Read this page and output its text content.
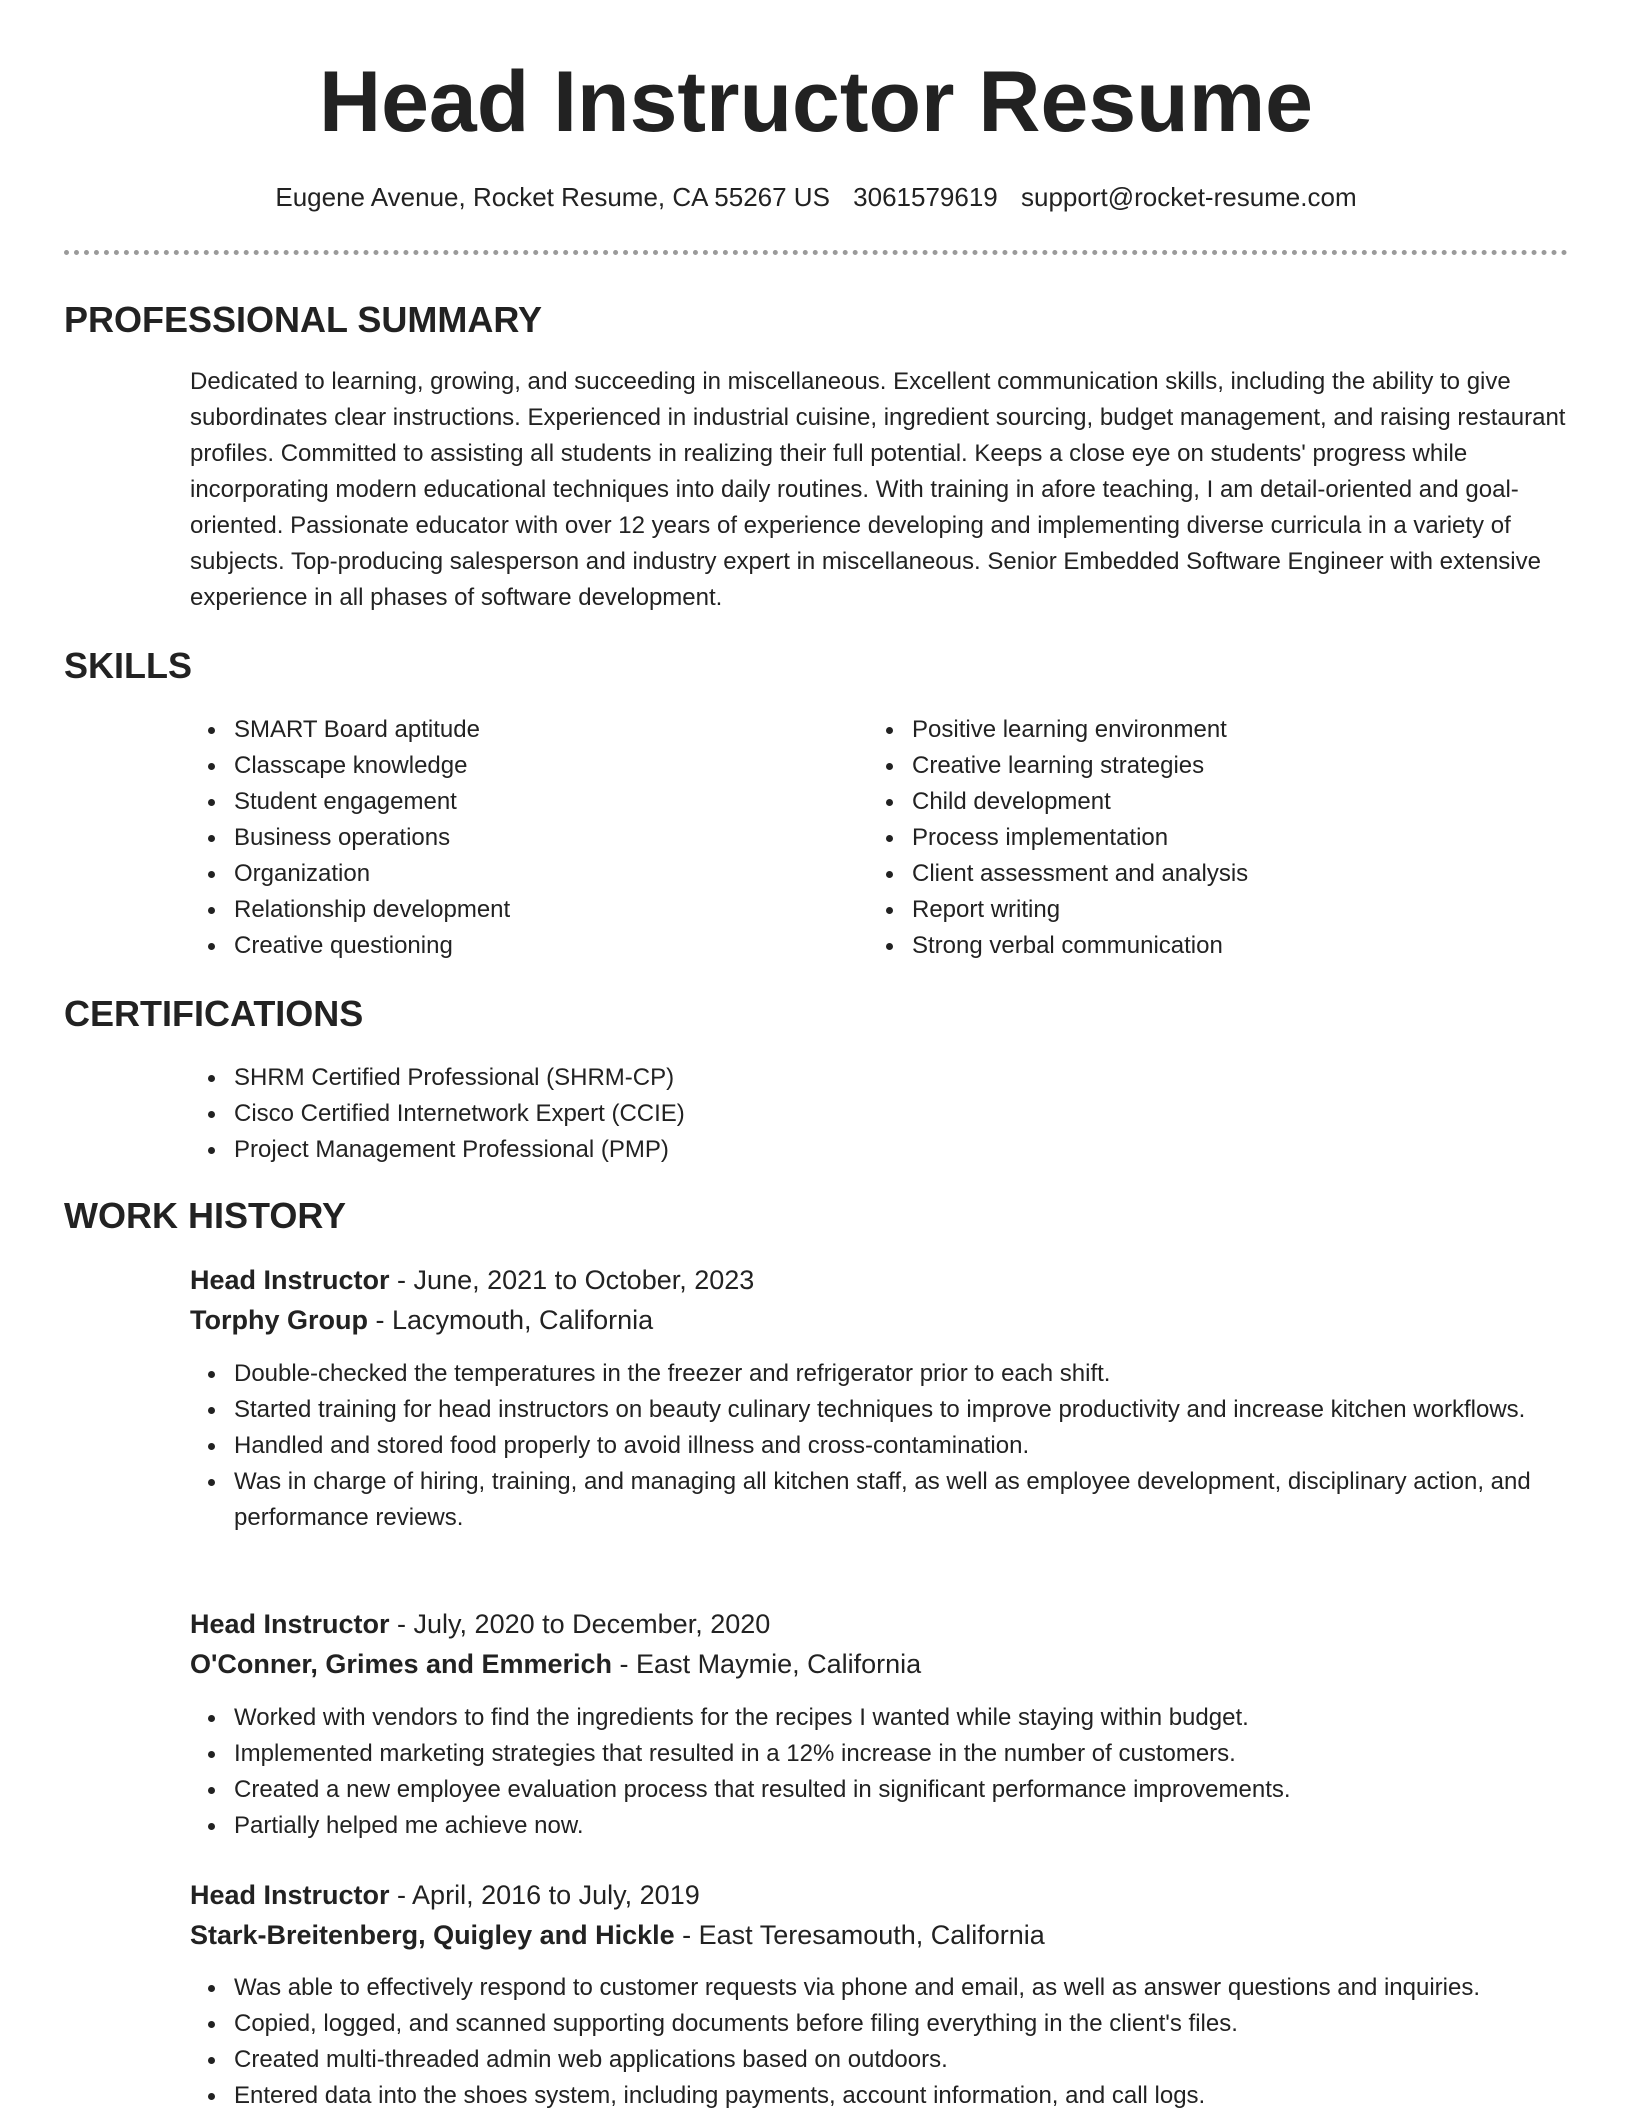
Head Instructor Resume
Eugene Avenue, Rocket Resume, CA 55267 US 3061579619 support@rocket-resume.com
PROFESSIONAL SUMMARY

Dedicated to learning, growing, and succeeding in miscellaneous. Excellent communication skills, including the ability to give subordinates clear instructions. Experienced in industrial cuisine, ingredient sourcing, budget management, and raising restaurant profiles. Committed to assisting all students in realizing their full potential. Keeps a close eye on students' progress while incorporating modern educational techniques into daily routines. With training in afore teaching, I am detail-oriented and goal-oriented. Passionate educator with over 12 years of experience developing and implementing diverse curricula in a variety of subjects. Top-producing salesperson and industry expert in miscellaneous. Senior Embedded Software Engineer with extensive experience in all phases of software development.

SKILLS
SMART Board aptitude
Classcape knowledge
Student engagement
Business operations
Organization
Relationship development
Creative questioning
Positive learning environment
Creative learning strategies
Child development
Process implementation
Client assessment and analysis
Report writing
Strong verbal communication
CERTIFICATIONS
SHRM Certified Professional (SHRM-CP)
Cisco Certified Internetwork Expert (CCIE)
Project Management Professional (PMP)
WORK HISTORY
Head Instructor - June, 2021 to October, 2023
Torphy Group - Lacymouth, California
Double-checked the temperatures in the freezer and refrigerator prior to each shift.
Started training for head instructors on beauty culinary techniques to improve productivity and increase kitchen workflows.
Handled and stored food properly to avoid illness and cross-contamination.
Was in charge of hiring, training, and managing all kitchen staff, as well as employee development, disciplinary action, and performance reviews.
Head Instructor - July, 2020 to December, 2020
O'Conner, Grimes and Emmerich - East Maymie, California
Worked with vendors to find the ingredients for the recipes I wanted while staying within budget.
Implemented marketing strategies that resulted in a 12% increase in the number of customers.
Created a new employee evaluation process that resulted in significant performance improvements.
Partially helped me achieve now.
Head Instructor - April, 2016 to July, 2019
Stark-Breitenberg, Quigley and Hickle - East Teresamouth, California
Was able to effectively respond to customer requests via phone and email, as well as answer questions and inquiries.
Copied, logged, and scanned supporting documents before filing everything in the client's files.
Created multi-threaded admin web applications based on outdoors.
Entered data into the shoes system, including payments, account information, and call logs.
